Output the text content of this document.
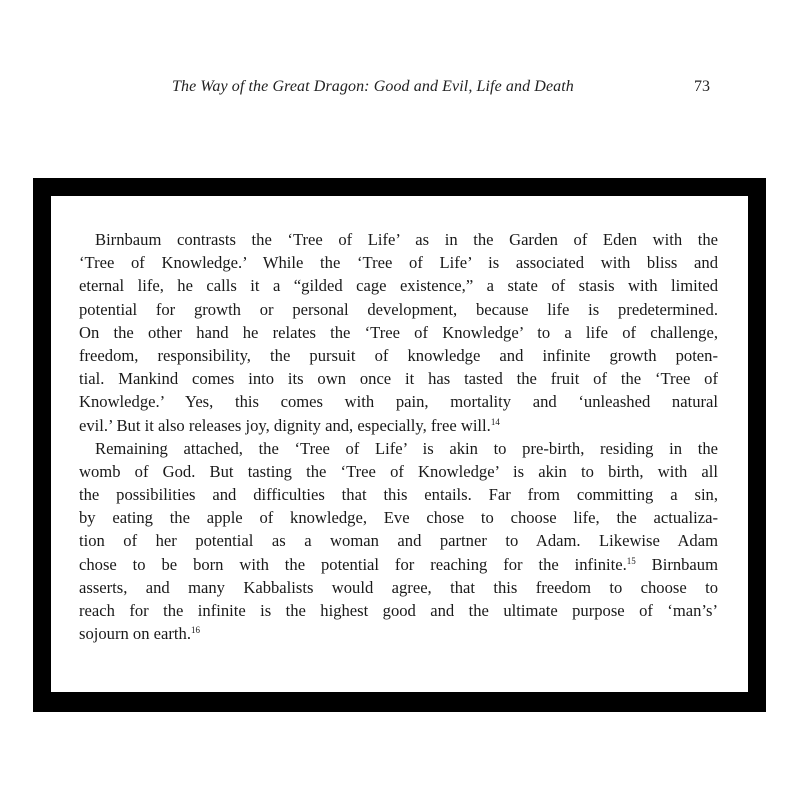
The Way of the Great Dragon: Good and Evil, Life and Death	73
Birnbaum contrasts the ‘Tree of Life’ as in the Garden of Eden with the
‘Tree of Knowledge.’ While the ‘Tree of Life’ is associated with bliss and
eternal life, he calls it a “gilded cage existence,” a state of stasis with limited
potential for growth or personal development, because life is predetermined.
On the other hand he relates the ‘Tree of Knowledge’ to a life of challenge,
freedom, responsibility, the pursuit of knowledge and infinite growth poten-
tial. Mankind comes into its own once it has tasted the fruit of the ‘Tree of
Knowledge.’ Yes, this comes with pain, mortality and ‘unleashed natural
evil.’ But it also releases joy, dignity and, especially, free will.$^{14}$
Remaining attached, the ‘Tree of Life’ is akin to pre-birth, residing in the
womb of God. But tasting the ‘Tree of Knowledge’ is akin to birth, with all
the possibilities and difficulties that this entails. Far from committing a sin,
by eating the apple of knowledge, Eve chose to choose life, the actualiza-
tion of her potential as a woman and partner to Adam. Likewise Adam
chose to be born with the potential for reaching for the infinite.$^{15}$ Birnbaum
asserts, and many Kabbalists would agree, that this freedom to choose to
reach for the infinite is the highest good and the ultimate purpose of ‘man’s’
sojourn on earth.$^{16}$
